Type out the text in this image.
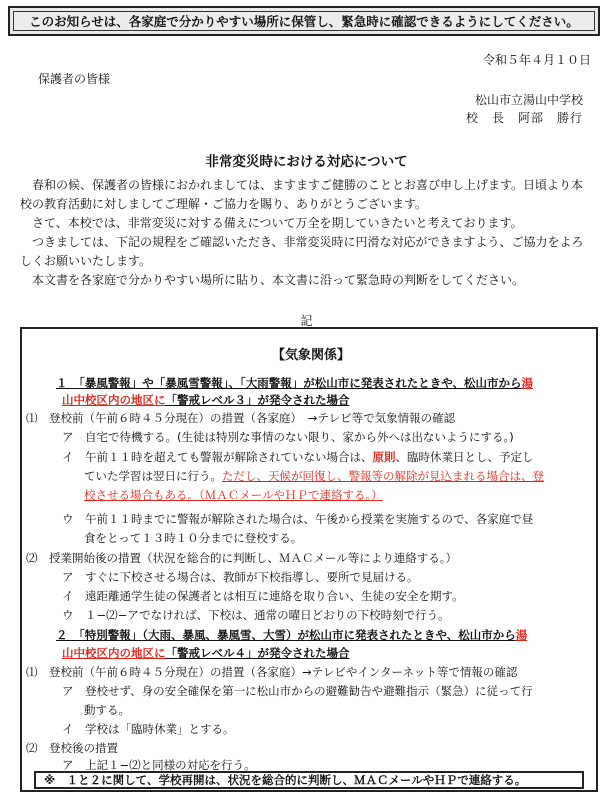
このお知らせは、各家庭で分かりやすい場所に保管し、緊急時に確認できるようにしてください。
令和５年４月１０日
保護者の皆様
松山市立湯山中学校
校　長　阿部　勝行
非常変災時における対応について
　春和の候、保護者の皆様におかれましては、ますますご健勝のこととお喜び申し上げます。日頃より本校の教育活動に対しましてご理解・ご協力を賜り、ありがとうございます。
　さて、本校では、非常変災に対する備えについて万全を期していきたいと考えております。
　つきましては、下記の規程をご確認いただき、非常変災時に円滑な対応ができますよう、ご協力をよろしくお願いいたします。
　本文書を各家庭で分かりやすい場所に貼り、本文書に沿って緊急時の判断をしてください。
記
【気象関係】
１　「暴風警報」や「暴風雪警報」、「大雨警報」が松山市に発表されたときや、松山市から湯
山中校区内の地区に「警戒レベル３」が発令された場合
⑴　登校前（午前６時４５分現在）の措置（各家庭）　→テレビ等で気象情報の確認
ア　自宅で待機する。(生徒は特別な事情のない限り、家から外へは出ないようにする。)
イ　午前１１時を超えても警報が解除されていない場合は、原則、臨時休業日とし、予定し
ていた学習は翌日に行う。ただし、天候が回復し、警報等の解除が見込まれる場合は、登
校させる場合もある。（ＭＡＣメールやＨＰで連絡する。）
ウ　午前１１時までに警報が解除された場合は、午後から授業を実施するので、各家庭で昼
食をとって１３時１０分までに登校する。
⑵　授業開始後の措置（状況を総合的に判断し、ＭＡＣメール等により連絡する。）
ア　すぐに下校させる場合は、教師が下校指導し、要所で見届ける。
イ　遠距離通学生徒の保護者とは相互に連絡を取り合い、生徒の安全を期す。
ウ　１−⑵−アでなければ、下校は、通常の曜日どおりの下校時刻で行う。
２　「特別警報」（大雨、暴風、暴風雪、大雪）が松山市に発表されたときや、松山市から湯
山中校区内の地区に「警戒レベル４」が発令された場合
⑴　登校前（午前６時４５分現在）の措置（各家庭）→テレビやインターネット等で情報の確認
ア　登校せず、身の安全確保を第一に松山市からの避難勧告や避難指示（緊急）に従って行
動する。
イ　学校は「臨時休業」とする。
⑵　登校後の措置
ア　上記１−⑵と同様の対応を行う。
※　１と２に関して、学校再開は、状況を総合的に判断し、ＭＡＣメールやＨＰで連絡する。
